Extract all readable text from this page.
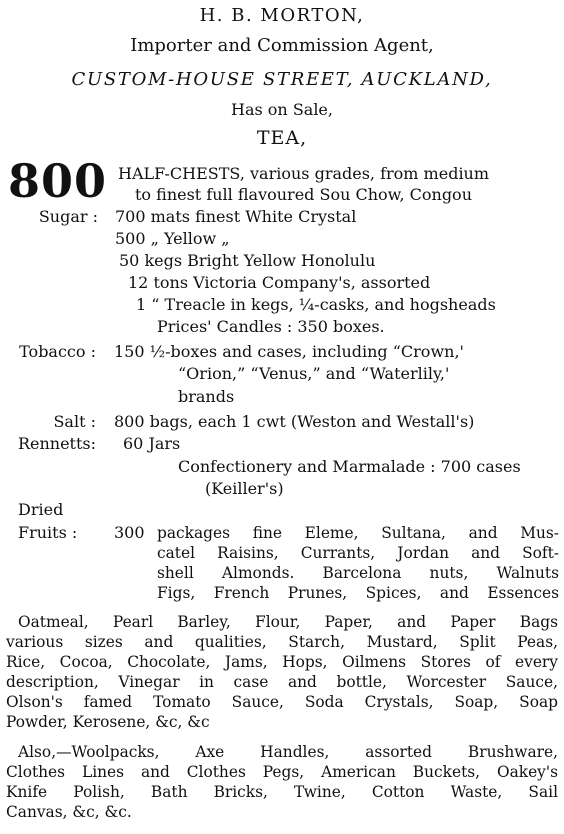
H. B. MORTON,
Importer and Commission Agent,
CUSTOM-HOUSE STREET, AUCKLAND,
Has on Sale,
TEA,
800 HALF-CHESTS, various grades, from medium
to finest full flavoured Sou Chow, Congou
Sugar : 700 mats finest White Crystal
500 „ Yellow „
50 kegs Bright Yellow Honolulu
12 tons Victoria Company's, assorted
1 “ Treacle in kegs, ¼-casks, and hogsheads
Prices' Candles : 350 boxes.
Tobacco : 150 ½-boxes and cases, including “Crown,'
“Orion,” “Venus,” and “Waterlily,'
brands
Salt : 800 bags, each 1 cwt (Weston and Westall's)
Rennetts: 60 Jars
Confectionery and Marmalade : 700 cases
(Keiller's)
Dried
Fruits : 300 packages fine Eleme, Sultana, and Mus-
catel Raisins, Currants, Jordan and Soft-
shell Almonds. Barcelona nuts, Walnuts
Figs, French Prunes, Spices, and Essences
Oatmeal, Pearl Barley, Flour, Paper, and Paper Bags
various sizes and qualities, Starch, Mustard, Split Peas,
Rice, Cocoa, Chocolate, Jams, Hops, Oilmens Stores of every
description, Vinegar in case and bottle, Worcester Sauce,
Olson's famed Tomato Sauce, Soda Crystals, Soap, Soap
Powder, Kerosene, &c, &c
Also,—Woolpacks, Axe Handles, assorted Brushware,
Clothes Lines and Clothes Pegs, American Buckets, Oakey's
Knife Polish, Bath Bricks, Twine, Cotton Waste, Sail
Canvas, &c, &c.
